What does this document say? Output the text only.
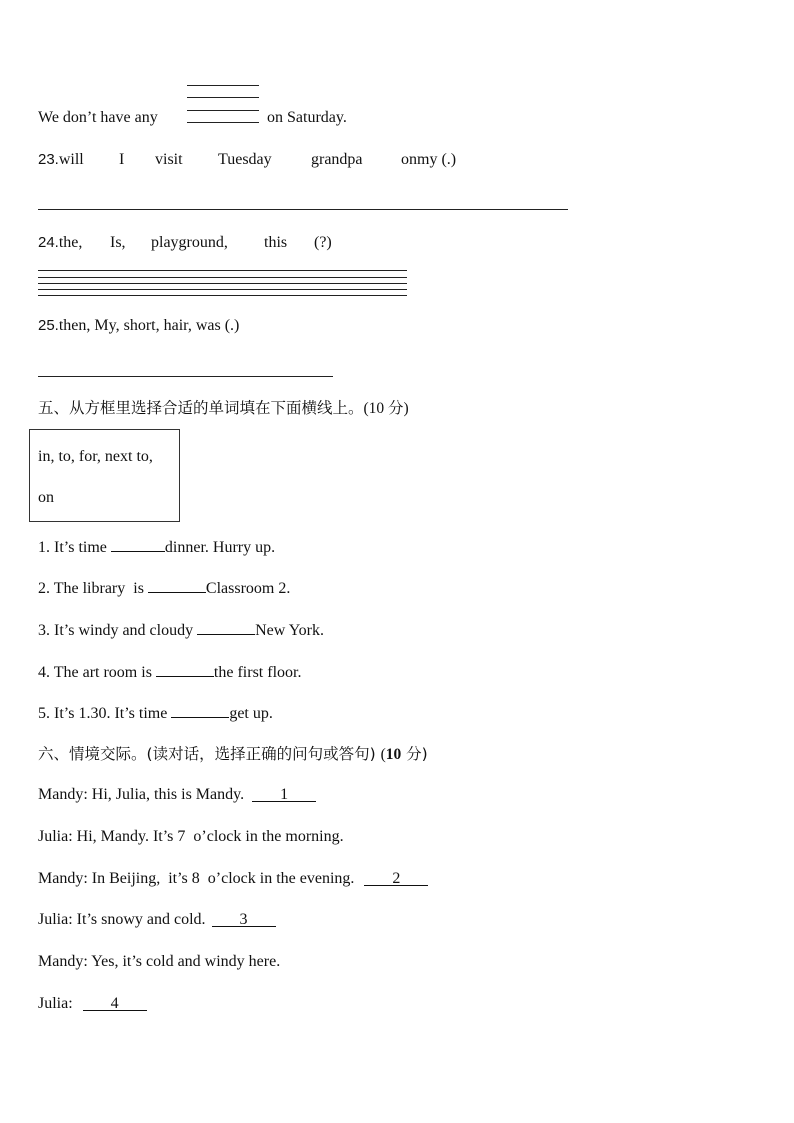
We don’t have any	on Saturday.
23.will I visit Tuesday grandpa onmy (.)
24.the, Is, playground, this (?)
25.then, My, short, hair, was (.)
五、从方框里选择合适的单词填在下面横线上。(10 分)
in, to, for, next to,
on
1. It’s time	dinner. Hurry up.
2. The library  is	Classroom 2.
3. It’s windy and cloudy	New York.
4. The art room is	the first floor.
5. It’s 1.30. It’s time	get up.
六、情境交际。(读对话，选择正确的问句或答句) (10 分)
Mandy: Hi, Julia, this is Mandy. 1
Julia: Hi, Mandy. It’s 7  o’clock in the morning.
Mandy: In Beijing,  it’s 8  o’clock in the evening. 2
Julia: It’s snowy and cold. 3
Mandy: Yes, it’s cold and windy here.
Julia: 4
